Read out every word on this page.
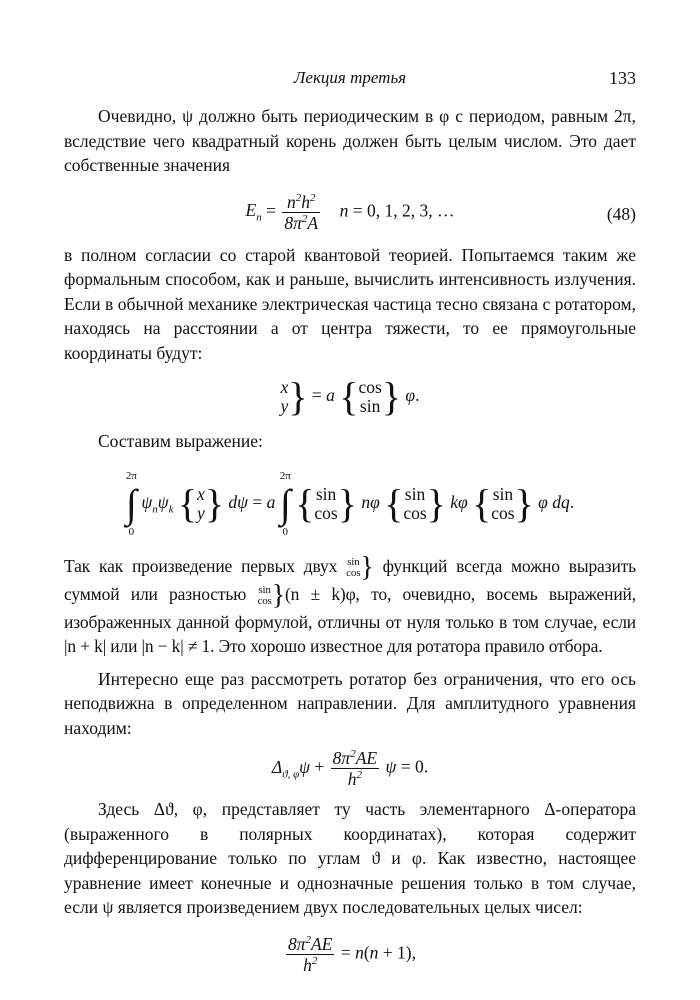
Лекция третья	133

Очевидно, ψ должно быть периодическим в φ с периодом, равным 2π, вследствие чего квадратный корень должен быть целым числом. Это дает собственные значения

$E_n = \frac{n^2h^2}{8\pi^2A}$ n = 0, 1, 2, 3, …	(48)

в полном согласии со старой квантовой теорией. Попытаемся таким же формальным способом, как и раньше, вычислить интенсивность излучения. Если в обычной механике электрическая частица тесно связана с ротатором, находясь на расстоянии a от центра тяжести, то ее прямоугольные координаты будут:

x
y } = a { cos
sin } φ.

Составим выражение:

2π
∫
0
$\psi_n\psi_k$ { x
y } dψ = a
2π
∫
0
{ sin
cos } nφ { sin
cos } kφ { sin
cos } φ dq.

Так как произведение первых двух sin
cos } функций всегда можно выразить суммой или разностью sin
cos }(n ± k)φ, то, очевидно, восемь выражений, изображенных данной формулой, отличны от нуля только в том случае, если |n + k| или |n − k| ≠ 1. Это хорошо известное для ротатора правило отбора.

Интересно еще раз рассмотреть ротатор без ограничения, что его ось неподвижна в определенном направлении. Для амплитудного уравнения находим:

$\Delta_{ϑ, \varphi}\psi + \frac{8\pi^2AE}{h^2}$ ψ = 0.

Здесь Δϑ, φ, представляет ту часть элементарного Δ-оператора (выраженного в полярных координатах), которая содержит дифференцирование только по углам ϑ и φ. Как известно, настоящее уравнение имеет конечные и однозначные решения только в том случае, если ψ является произведением двух последовательных целых чисел:

$\frac{8\pi^2AE}{h^2} = n(n + 1)$,
